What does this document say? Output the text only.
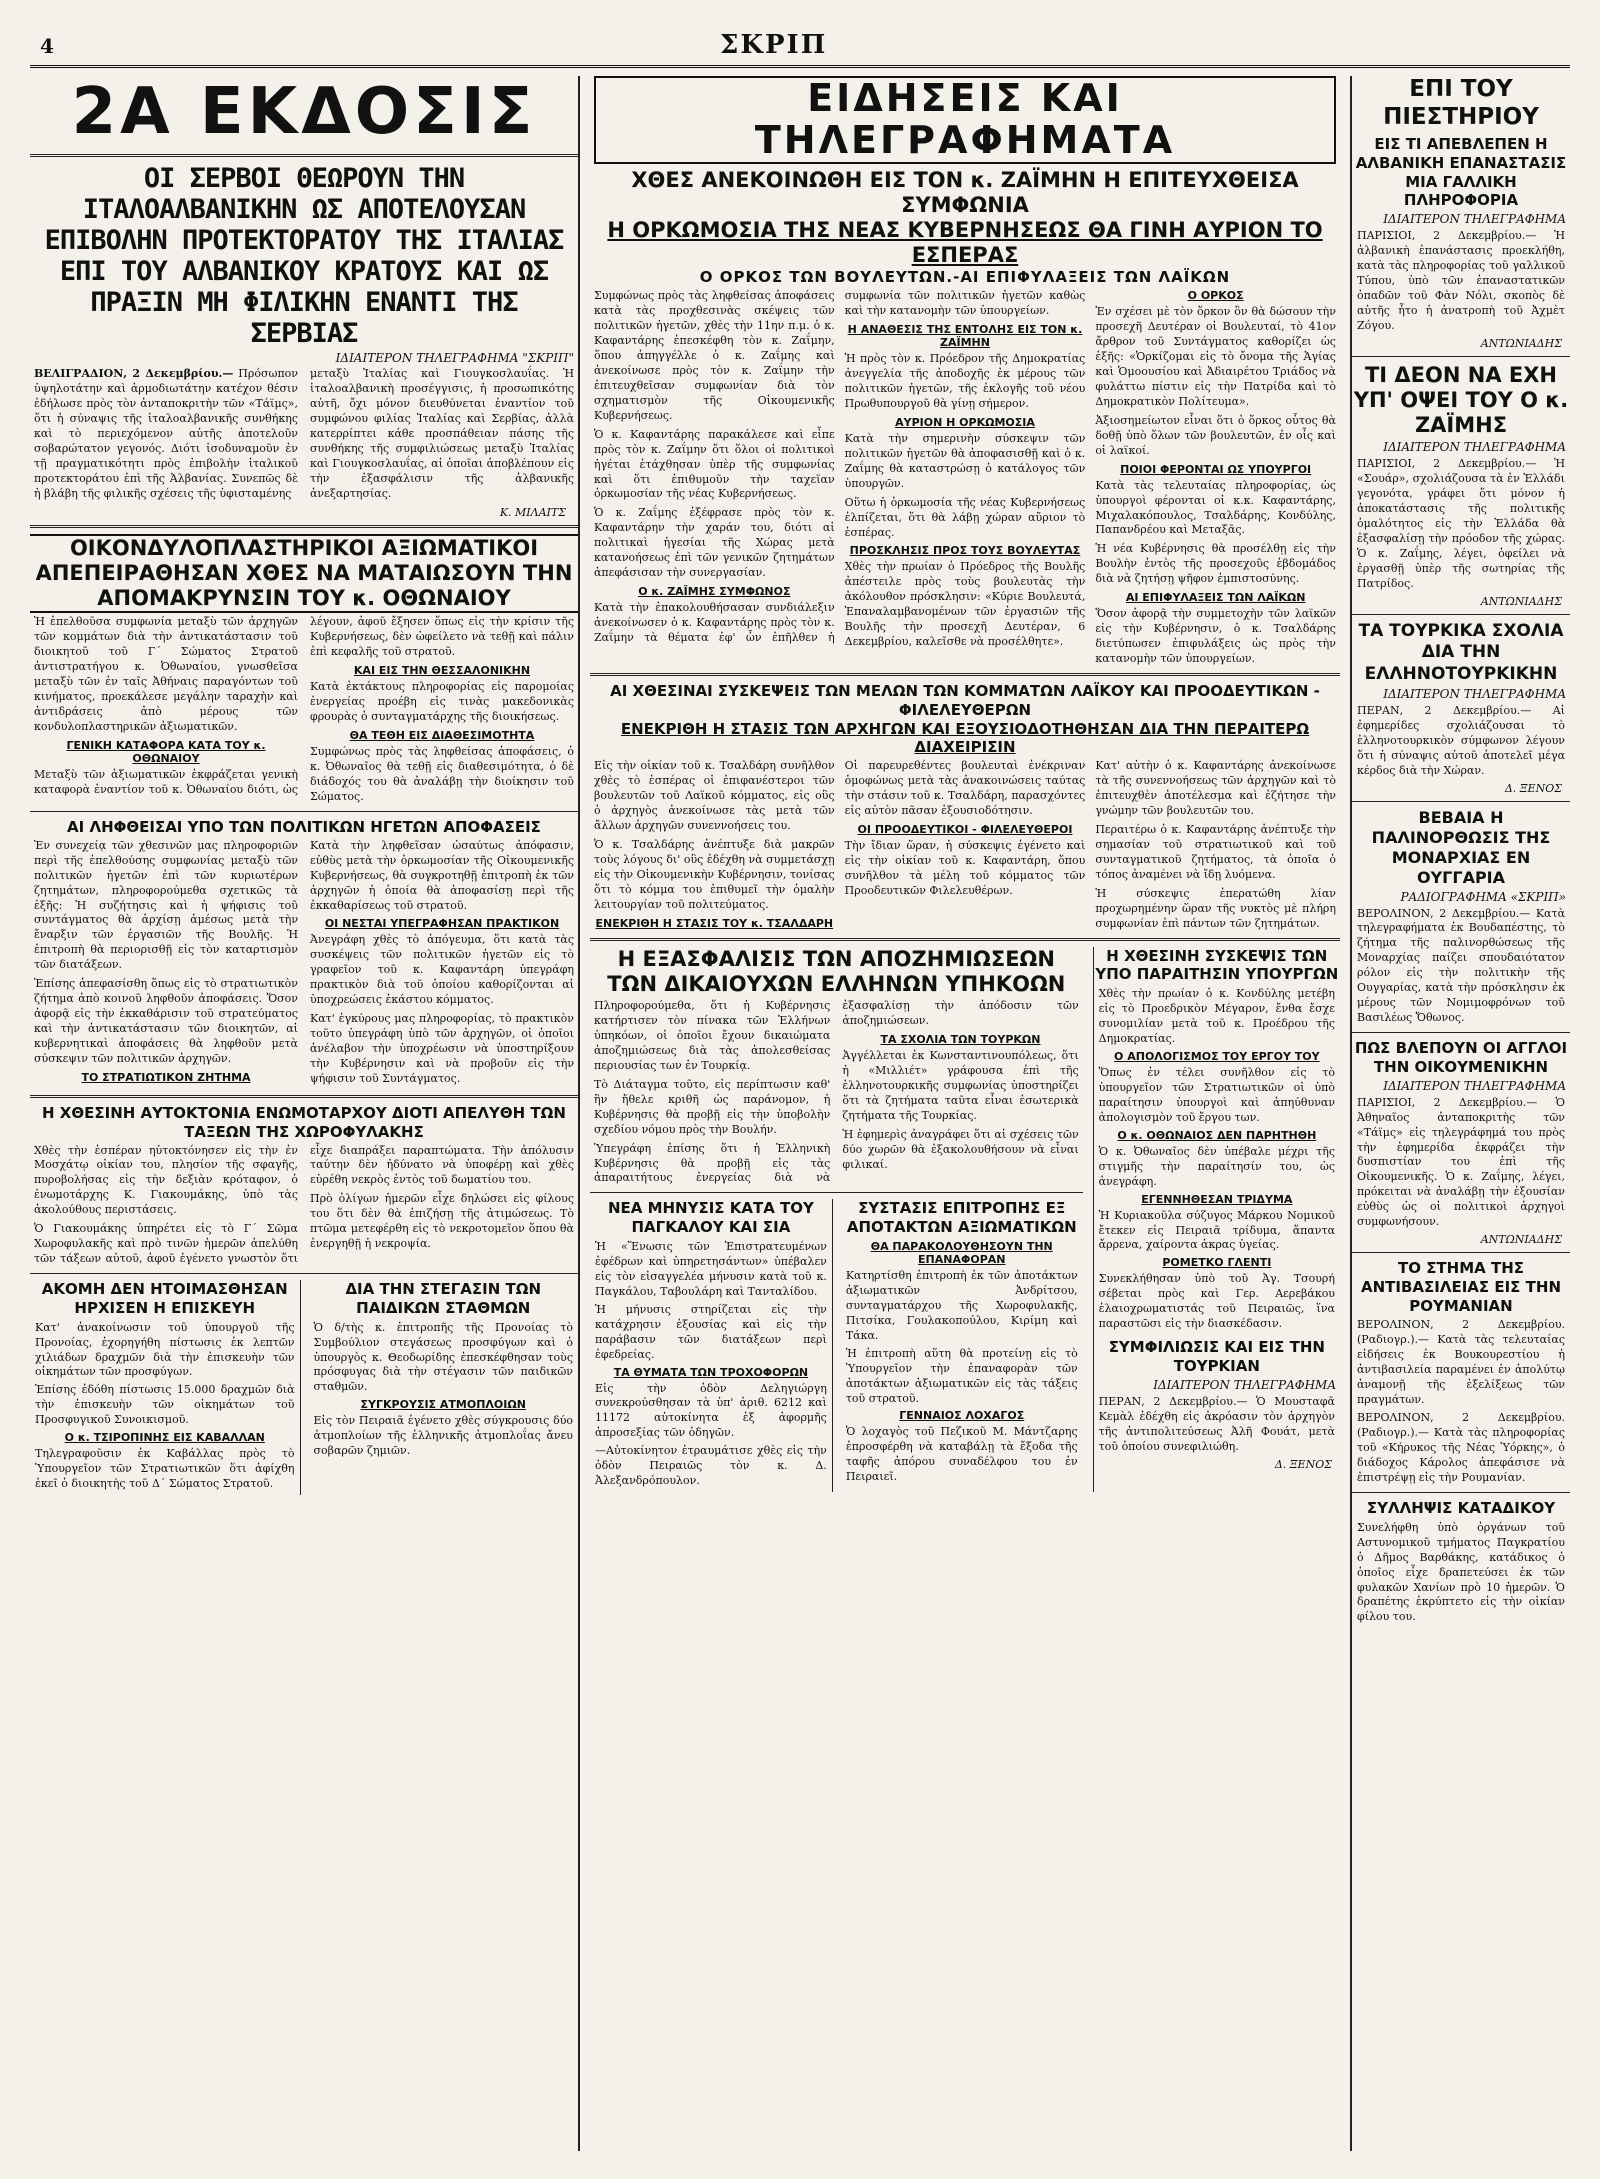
4	ΣΚΡΙΠ
2Α ΕΚΔΟΣΙΣ
ΟΙ ΣΕΡΒΟΙ ΘΕΩΡΟΥΝ ΤΗΝ ΙΤΑΛΟΑΛΒΑΝΙΚΗΝ ΩΣ ΑΠΟΤΕΛΟΥΣΑΝ ΕΠΙΒΟΛΗΝ ΠΡΟΤΕΚΤΟΡΑΤΟΥ ΤΗΣ ΙΤΑΛΙΑΣ ΕΠΙ ΤΟΥ ΑΛΒΑΝΙΚΟΥ ΚΡΑΤΟΥΣ ΚΑΙ ΩΣ ΠΡΑΞΙΝ ΜΗ ΦΙΛΙΚΗΝ ΕΝΑΝΤΙ ΤΗΣ ΣΕΡΒΙΑΣ
ΙΔΙΑΙΤΕΡΟΝ ΤΗΛΕΓΡΑΦΗΜΑ "ΣΚΡΙΠ"

ΒΕΛΙΓΡΑΔΙΟΝ, 2 Δεκεμβρίου.— Πρόσωπον ὑψηλοτάτην καὶ ἁρμοδιωτάτην κατέχον θέσιν ἐδήλωσε πρὸς τὸν ἀνταποκριτὴν τῶν «Τάϊμς», ὅτι ἡ σύναψις τῆς ἰταλοαλβανικῆς συνθήκης καὶ τὸ περιεχόμενον αὐτῆς ἀποτελοῦν σοβαρώτατον γεγονός. Διότι ἰσοδυναμοῦν ἐν τῇ πραγματικότητι πρὸς ἐπιβολὴν ἰταλικοῦ προτεκτοράτου ἐπὶ τῆς Ἀλβανίας. Συνεπῶς δὲ ἡ βλάβη τῆς φιλικῆς σχέσεις τῆς ὑφισταμένης

μεταξὺ Ἰταλίας καὶ Γιουγκοσλαυΐας. Ἡ ἰταλοαλβανικὴ προσέγγισις, ἡ προσωπικότης αὐτῆ, ὄχι μόνον διευθύνεται ἐναντίον τοῦ συμφώνου φιλίας Ἰταλίας καὶ Σερβίας, ἀλλὰ κατερρίπτει κάθε προσπάθειαν πάσης τῆς συνθήκης τῆς συμφιλιώσεως μεταξὺ Ἰταλίας καὶ Γιουγκοσλαυΐας, αἱ ὁποῖαι ἀποβλέπουν εἰς τὴν ἐξασφάλισιν τῆς ἀλβανικῆς ἀνεξαρτησίας.

Κ. ΜΙΛΑΙΤΣ
ΟΙΚΟΝΔΥΛΟΠΛΑΣΤΗΡΙΚΟΙ ΑΞΙΩΜΑΤΙΚΟΙ ΑΠΕΠΕΙΡΑΘΗΣΑΝ ΧΘΕΣ ΝΑ ΜΑΤΑΙΩΣΟΥΝ ΤΗΝ ΑΠΟΜΑΚΡΥΝΣΙΝ ΤΟΥ κ. ΟΘΩΝΑΙΟΥ

Ἡ ἐπελθοῦσα συμφωνία μεταξὺ τῶν ἀρχηγῶν τῶν κομμάτων διὰ τὴν ἀντικατάστασιν τοῦ διοικητοῦ τοῦ Γ΄ Σώματος Στρατοῦ ἀντιστρατήγου κ. Ὀθωναίου, γνωσθεῖσα μεταξὺ τῶν ἐν ταῖς Ἀθήναις παραγόντων τοῦ κινήματος, προεκάλεσε μεγάλην ταραχὴν καὶ ἀντιδράσεις ἀπὸ μέρους τῶν κονδυλοπλαστηρικῶν ἀξιωματικῶν.

ΓΕΝΙΚΗ ΚΑΤΑΦΟΡΑ ΚΑΤΑ ΤΟΥ κ. ΟΘΩΝΑΙΟΥ

Μεταξὺ τῶν ἀξιωματικῶν ἐκφράζεται γενικὴ καταφορὰ ἐναντίον τοῦ κ. Ὀθωναίου διότι, ὡς λέγουν, ἀφοῦ ἔξησεν ὅπως εἰς τὴν κρίσιν τῆς Κυβερνήσεως, δὲν ὠφείλετο νὰ τεθῇ καὶ πάλιν ἐπὶ κεφαλῆς τοῦ στρατοῦ.

ΚΑΙ ΕΙΣ ΤΗΝ ΘΕΣΣΑΛΟΝΙΚΗΝ

Κατὰ ἐκτάκτους πληροφορίας εἰς παρομοίας ἐνεργείας προέβη εἰς τινὰς μακεδονικὰς φρουρὰς ὁ συνταγματάρχης τῆς διοικήσεως.

ΘΑ ΤΕΘΗ ΕΙΣ ΔΙΑΘΕΣΙΜΟΤΗΤΑ

Συμφώνως πρὸς τὰς ληφθείσας ἀποφάσεις, ὁ κ. Ὀθωναῖος θὰ τεθῇ εἰς διαθεσιμότητα, ὁ δὲ διάδοχός του θὰ ἀναλάβῃ τὴν διοίκησιν τοῦ Σώματος.

ΑΙ ΛΗΦΘΕΙΣΑΙ ΥΠΟ ΤΩΝ ΠΟΛΙΤΙΚΩΝ ΗΓΕΤΩΝ ΑΠΟΦΑΣΕΙΣ

Ἐν συνεχείᾳ τῶν χθεσινῶν μας πληροφοριῶν περὶ τῆς ἐπελθούσης συμφωνίας μεταξὺ τῶν πολιτικῶν ἡγετῶν ἐπὶ τῶν κυριωτέρων ζητημάτων, πληροφορούμεθα σχετικῶς τὰ ἑξῆς: Ἡ συζήτησις καὶ ἡ ψήφισις τοῦ συντάγματος θὰ ἀρχίσῃ ἀμέσως μετὰ τὴν ἔναρξιν τῶν ἐργασιῶν τῆς Βουλῆς. Ἡ ἐπιτροπὴ θὰ περιορισθῇ εἰς τὸν καταρτισμὸν τῶν διατάξεων.

Ἐπίσης ἀπεφασίσθη ὅπως εἰς τὸ στρατιωτικὸν ζήτημα ἀπὸ κοινοῦ ληφθοῦν ἀποφάσεις. Ὅσον ἀφορᾷ εἰς τὴν ἐκκαθάρισιν τοῦ στρατεύματος καὶ τὴν ἀντικατάστασιν τῶν διοικητῶν, αἱ κυβερνητικαὶ ἀποφάσεις θὰ ληφθοῦν μετὰ σύσκεψιν τῶν πολιτικῶν ἀρχηγῶν.

ΤΟ ΣΤΡΑΤΙΩΤΙΚΟΝ ΖΗΤΗΜΑ

Κατὰ τὴν ληφθεῖσαν ὡσαύτως ἀπόφασιν, εὐθὺς μετὰ τὴν ὁρκωμοσίαν τῆς Οἰκουμενικῆς Κυβερνήσεως, θὰ συγκροτηθῇ ἐπιτροπὴ ἐκ τῶν ἀρχηγῶν ἡ ὁποία θὰ ἀποφασίσῃ περὶ τῆς ἐκκαθαρίσεως τοῦ στρατοῦ.

ΟΙ ΝΕΣΤΑΙ ΥΠΕΓΡΑΦΗΣΑΝ ΠΡΑΚΤΙΚΟΝ

Ἀνεγράφη χθὲς τὸ ἀπόγευμα, ὅτι κατὰ τὰς συσκέψεις τῶν πολιτικῶν ἡγετῶν εἰς τὸ γραφεῖον τοῦ κ. Καφαντάρη ὑπεγράφη πρακτικὸν διὰ τοῦ ὁποίου καθορίζονται αἱ ὑποχρεώσεις ἑκάστου κόμματος.

Κατ' ἐγκύρους μας πληροφορίας, τὸ πρακτικὸν τοῦτο ὑπεγράφη ὑπὸ τῶν ἀρχηγῶν, οἱ ὁποῖοι ἀνέλαβον τὴν ὑποχρέωσιν νὰ ὑποστηρίξουν τὴν Κυβέρνησιν καὶ νὰ προβοῦν εἰς τὴν ψήφισιν τοῦ Συντάγματος.

Η ΧΘΕΣΙΝΗ ΑΥΤΟΚΤΟΝΙΑ ΕΝΩΜΟΤΑΡΧΟΥ ΔΙΟΤΙ ΑΠΕΛΥΘΗ ΤΩΝ ΤΑΞΕΩΝ ΤΗΣ ΧΩΡΟΦΥΛΑΚΗΣ

Χθὲς τὴν ἑσπέραν ηὐτοκτόνησεν εἰς τὴν ἐν Μοσχάτῳ οἰκίαν του, πλησίον τῆς σφαγῆς, πυροβολήσας εἰς τὴν δεξιὰν κρόταφον, ὁ ἐνωμοτάρχης Κ. Γιακουμάκης, ὑπὸ τὰς ἀκολούθους περιστάσεις.

Ὁ Γιακουμάκης ὑπηρέτει εἰς τὸ Γ΄ Σῶμα Χωροφυλακῆς καὶ πρὸ τινῶν ἡμερῶν ἀπελύθη τῶν τάξεων αὐτοῦ, ἀφοῦ ἐγένετο γνωστὸν ὅτι εἶχε διαπράξει παραπτώματα. Τὴν ἀπόλυσιν ταύτην δὲν ἠδύνατο νὰ ὑποφέρῃ καὶ χθὲς εὑρέθη νεκρὸς ἐντὸς τοῦ δωματίου του.

Πρὸ ὀλίγων ἡμερῶν εἶχε δηλώσει εἰς φίλους του ὅτι δὲν θὰ ἐπιζήσῃ τῆς ἀτιμώσεως. Τὸ πτῶμα μετεφέρθη εἰς τὸ νεκροτομεῖον ὅπου θὰ ἐνεργηθῇ ἡ νεκροψία.

ΑΚΟΜΗ ΔΕΝ ΗΤΟΙΜΑΣΘΗΣΑΝ ΗΡΧΙΣΕΝ Η ΕΠΙΣΚΕΥΗ

Κατ' ἀνακοίνωσιν τοῦ ὑπουργοῦ τῆς Προνοίας, ἐχορηγήθη πίστωσις ἐκ λεπτῶν χιλιάδων δραχμῶν διὰ τὴν ἐπισκευὴν τῶν οἰκημάτων τῶν προσφύγων.

Ἐπίσης ἐδόθη πίστωσις 15.000 δραχμῶν διὰ τὴν ἐπισκευὴν τῶν οἰκημάτων τοῦ Προσφυγικοῦ Συνοικισμοῦ.

Ο κ. ΤΣΙΡΟΠΙΝΗΣ ΕΙΣ ΚΑΒΑΛΛΑΝ

Τηλεγραφοῦσιν ἐκ Καβάλλας πρὸς τὸ Ὑπουργεῖον τῶν Στρατιωτικῶν ὅτι ἀφίχθη ἐκεῖ ὁ διοικητὴς τοῦ Δ΄ Σώματος Στρατοῦ.

ΔΙΑ ΤΗΝ ΣΤΕΓΑΣΙΝ ΤΩΝ ΠΑΙΔΙΚΩΝ ΣΤΑΘΜΩΝ

Ὁ δ/τὴς κ. ἐπιτροπῆς τῆς Προνοίας τὸ Συμβούλιον στεγάσεως προσφύγων καὶ ὁ ὑπουργὸς κ. Θεοδωρίδης ἐπεσκέφθησαν τοὺς πρόσφυγας διὰ τὴν στέγασιν τῶν παιδικῶν σταθμῶν.

ΣΥΓΚΡΟΥΣΙΣ ΑΤΜΟΠΛΟΙΩΝ

Εἰς τὸν Πειραιᾶ ἐγένετο χθὲς σύγκρουσις δύο ἀτμοπλοίων τῆς ἑλληνικῆς ἀτμοπλοΐας ἄνευ σοβαρῶν ζημιῶν.

ΕΙΔΗΣΕΙΣ ΚΑΙ ΤΗΛΕΓΡΑΦΗΜΑΤΑ
ΧΘΕΣ ΑΝΕΚΟΙΝΩΘΗ ΕΙΣ ΤΟΝ κ. ΖΑΪΜΗΝ Η ΕΠΙΤΕΥΧΘΕΙΣΑ ΣΥΜΦΩΝΙΑ
Η ΟΡΚΩΜΟΣΙΑ ΤΗΣ ΝΕΑΣ ΚΥΒΕΡΝΗΣΕΩΣ ΘΑ ΓΙΝΗ ΑΥΡΙΟΝ ΤΟ ΕΣΠΕΡΑΣ
Ο ΟΡΚΟΣ ΤΩΝ ΒΟΥΛΕΥΤΩΝ.-ΑΙ ΕΠΙΦΥΛΑΞΕΙΣ ΤΩΝ ΛΑΪΚΩΝ

Συμφώνως πρὸς τὰς ληφθείσας ἀποφάσεις κατὰ τὰς προχθεσινὰς σκέψεις τῶν πολιτικῶν ἡγετῶν, χθὲς τὴν 11ην π.μ. ὁ κ. Καφαντάρης ἐπεσκέφθη τὸν κ. Ζαΐμην, ὅπου ἀπηγγέλλε ὁ κ. Ζαΐμης καὶ ἀνεκοίνωσε πρὸς τὸν κ. Ζαΐμην τὴν ἐπιτευχθεῖσαν συμφωνίαν διὰ τὸν σχηματισμὸν τῆς Οἰκουμενικῆς Κυβερνήσεως.

Ὁ κ. Καφαντάρης παρακάλεσε καὶ εἶπε πρὸς τὸν κ. Ζαΐμην ὅτι ὅλοι οἱ πολιτικοὶ ἡγέται ἐτάχθησαν ὑπὲρ τῆς συμφωνίας καὶ ὅτι ἐπιθυμοῦν τὴν ταχεῖαν ὁρκωμοσίαν τῆς νέας Κυβερνήσεως.

Ὁ κ. Ζαΐμης ἐξέφρασε πρὸς τὸν κ. Καφαντάρην τὴν χαράν του, διότι αἱ πολιτικαὶ ἡγεσίαι τῆς Χώρας μετὰ κατανοήσεως ἐπὶ τῶν γενικῶν ζητημάτων ἀπεφάσισαν τὴν συνεργασίαν.

Ο κ. ΖΑΪΜΗΣ ΣΥΜΦΩΝΟΣ

Κατὰ τὴν ἐπακολουθήσασαν συνδιάλεξιν ἀνεκοίνωσεν ὁ κ. Καφαντάρης πρὸς τὸν κ. Ζαΐμην τὰ θέματα ἐφ' ὧν ἐπῆλθεν ἡ συμφωνία τῶν πολιτικῶν ἡγετῶν καθὼς καὶ τὴν κατανομὴν τῶν ὑπουργείων.

Η ΑΝΑΘΕΣΙΣ ΤΗΣ ΕΝΤΟΛΗΣ ΕΙΣ ΤΟΝ κ. ΖΑΪΜΗΝ

Ἡ πρὸς τὸν κ. Πρόεδρον τῆς Δημοκρατίας ἀνεγγελία τῆς ἀποδοχῆς ἐκ μέρους τῶν πολιτικῶν ἡγετῶν, τῆς ἐκλογῆς τοῦ νέου Πρωθυπουργοῦ θὰ γίνῃ σήμερον.

ΑΥΡΙΟΝ Η ΟΡΚΩΜΟΣΙΑ

Κατὰ τὴν σημερινὴν σύσκεψιν τῶν πολιτικῶν ἡγετῶν θὰ ἀποφασισθῇ καὶ ὁ κ. Ζαΐμης θὰ καταστρώσῃ ὁ κατάλογος τῶν ὑπουργῶν.

Οὕτω ἡ ὁρκωμοσία τῆς νέας Κυβερνήσεως ἐλπίζεται, ὅτι θὰ λάβῃ χώραν αὔριον τὸ ἑσπέρας.

ΠΡΟΣΚΛΗΣΙΣ ΠΡΟΣ ΤΟΥΣ ΒΟΥΛΕΥΤΑΣ

Χθὲς τὴν πρωίαν ὁ Πρόεδρος τῆς Βουλῆς ἀπέστειλε πρὸς τοὺς βουλευτὰς τὴν ἀκόλουθον πρόσκλησιν: «Κύριε Βουλευτά, Ἐπαναλαμβανομένων τῶν ἐργασιῶν τῆς Βουλῆς τὴν προσεχῆ Δευτέραν, 6 Δεκεμβρίου, καλεῖσθε νὰ προσέλθητε».

Ο ΟΡΚΟΣ

Ἐν σχέσει μὲ τὸν ὅρκον ὃν θὰ δώσουν τὴν προσεχῆ Δευτέραν οἱ Βουλευταί, τὸ 41ον ἄρθρον τοῦ Συντάγματος καθορίζει ὡς ἑξῆς: «Ὁρκίζομαι εἰς τὸ ὄνομα τῆς Ἁγίας καὶ Ὁμοουσίου καὶ Ἀδιαιρέτου Τριάδος νὰ φυλάττω πίστιν εἰς τὴν Πατρίδα καὶ τὸ Δημοκρατικὸν Πολίτευμα».

Ἀξιοσημείωτον εἶναι ὅτι ὁ ὅρκος οὗτος θὰ δοθῇ ὑπὸ ὅλων τῶν βουλευτῶν, ἐν οἷς καὶ οἱ λαϊκοί.

ΠΟΙΟΙ ΦΕΡΟΝΤΑΙ ΩΣ ΥΠΟΥΡΓΟΙ

Κατὰ τὰς τελευταίας πληροφορίας, ὡς ὑπουργοὶ φέρονται οἱ κ.κ. Καφαντάρης, Μιχαλακόπουλος, Τσαλδάρης, Κονδύλης, Παπανδρέου καὶ Μεταξᾶς.

Ἡ νέα Κυβέρνησις θὰ προσέλθῃ εἰς τὴν Βουλὴν ἐντὸς τῆς προσεχοῦς ἑβδομάδος διὰ νὰ ζητήσῃ ψῆφον ἐμπιστοσύνης.

ΑΙ ΕΠΙΦΥΛΑΞΕΙΣ ΤΩΝ ΛΑΪΚΩΝ

Ὅσον ἀφορᾷ τὴν συμμετοχὴν τῶν λαϊκῶν εἰς τὴν Κυβέρνησιν, ὁ κ. Τσαλδάρης διετύπωσεν ἐπιφυλάξεις ὡς πρὸς τὴν κατανομὴν τῶν ὑπουργείων.

ΑΙ ΧΘΕΣΙΝΑΙ ΣΥΣΚΕΨΕΙΣ ΤΩΝ ΜΕΛΩΝ ΤΩΝ ΚΟΜΜΑΤΩΝ ΛΑΪΚΟΥ ΚΑΙ ΠΡΟΟΔΕΥΤΙΚΩΝ - ΦΙΛΕΛΕΥΘΕΡΩΝ
ΕΝΕΚΡΙΘΗ Η ΣΤΑΣΙΣ ΤΩΝ ΑΡΧΗΓΩΝ ΚΑΙ ΕΞΟΥΣΙΟΔΟΤΗΘΗΣΑΝ ΔΙΑ ΤΗΝ ΠΕΡΑΙΤΕΡΩ ΔΙΑΧΕΙΡΙΣΙΝ

Εἰς τὴν οἰκίαν τοῦ κ. Τσαλδάρη συνῆλθον χθὲς τὸ ἑσπέρας οἱ ἐπιφανέστεροι τῶν βουλευτῶν τοῦ Λαϊκοῦ κόμματος, εἰς οὓς ὁ ἀρχηγὸς ἀνεκοίνωσε τὰς μετὰ τῶν ἄλλων ἀρχηγῶν συνεννοήσεις του.

Ὁ κ. Τσαλδάρης ἀνέπτυξε διὰ μακρῶν τοὺς λόγους δι' οὓς ἐδέχθη νὰ συμμετάσχῃ εἰς τὴν Οἰκουμενικὴν Κυβέρνησιν, τονίσας ὅτι τὸ κόμμα του ἐπιθυμεῖ τὴν ὁμαλὴν λειτουργίαν τοῦ πολιτεύματος.

ΕΝΕΚΡΙΘΗ Η ΣΤΑΣΙΣ ΤΟΥ κ. ΤΣΑΛΔΑΡΗ

Οἱ παρευρεθέντες βουλευταὶ ἐνέκριναν ὁμοφώνως μετὰ τὰς ἀνακοινώσεις ταύτας τὴν στάσιν τοῦ κ. Τσαλδάρη, παρασχόντες εἰς αὐτὸν πᾶσαν ἐξουσιοδότησιν.

ΟΙ ΠΡΟΟΔΕΥΤΙΚΟΙ - ΦΙΛΕΛΕΥΘΕΡΟΙ

Τὴν ἴδιαν ὥραν, ἡ σύσκεψις ἐγένετο καὶ εἰς τὴν οἰκίαν τοῦ κ. Καφαντάρη, ὅπου συνῆλθον τὰ μέλη τοῦ κόμματος τῶν Προοδευτικῶν Φιλελευθέρων.

Κατ' αὐτὴν ὁ κ. Καφαντάρης ἀνεκοίνωσε τὰ τῆς συνεννοήσεως τῶν ἀρχηγῶν καὶ τὸ ἐπιτευχθὲν ἀποτέλεσμα καὶ ἐζήτησε τὴν γνώμην τῶν βουλευτῶν του.

Περαιτέρω ὁ κ. Καφαντάρης ἀνέπτυξε τὴν σημασίαν τοῦ στρατιωτικοῦ καὶ τοῦ συνταγματικοῦ ζητήματος, τὰ ὁποῖα ὁ τόπος ἀναμένει νὰ ἴδῃ λυόμενα.

Ἡ σύσκεψις ἐπερατώθη λίαν προχωρημένην ὥραν τῆς νυκτὸς μὲ πλήρη συμφωνίαν ἐπὶ πάντων τῶν ζητημάτων.

Η ΕΞΑΣΦΑΛΙΣΙΣ ΤΩΝ ΑΠΟΖΗΜΙΩΣΕΩΝ ΤΩΝ ΔΙΚΑΙΟΥΧΩΝ ΕΛΛΗΝΩΝ ΥΠΗΚΟΩΝ

Πληροφορούμεθα, ὅτι ἡ Κυβέρνησις κατήρτισεν τὸν πίνακα τῶν Ἑλλήνων ὑπηκόων, οἱ ὁποῖοι ἔχουν δικαιώματα ἀποζημιώσεως διὰ τὰς ἀπολεσθείσας περιουσίας των ἐν Τουρκίᾳ.

Τὸ Διάταγμα τοῦτο, εἰς περίπτωσιν καθ' ἣν ἤθελε κριθῆ ὡς παράνομον, ἡ Κυβέρνησις θὰ προβῇ εἰς τὴν ὑποβολὴν σχεδίου νόμου πρὸς τὴν Βουλήν.

Ὑπεγράφη ἐπίσης ὅτι ἡ Ἑλληνικὴ Κυβέρνησις θὰ προβῇ εἰς τὰς ἀπαραιτήτους ἐνεργείας διὰ νὰ ἐξασφαλίσῃ τὴν ἀπόδοσιν τῶν ἀποζημιώσεων.

ΤΑ ΣΧΟΛΙΑ ΤΩΝ ΤΟΥΡΚΩΝ

Ἀγγέλλεται ἐκ Κωνσταντινουπόλεως, ὅτι ἡ «Μιλλιέτ» γράφουσα ἐπὶ τῆς ἑλληνοτουρκικῆς συμφωνίας ὑποστηρίζει ὅτι τὰ ζητήματα ταῦτα εἶναι ἐσωτερικὰ ζητήματα τῆς Τουρκίας.

Ἡ ἐφημερὶς ἀναγράφει ὅτι αἱ σχέσεις τῶν δύο χωρῶν θὰ ἐξακολουθήσουν νὰ εἶναι φιλικαί.

ΝΕΑ ΜΗΝΥΣΙΣ ΚΑΤΑ ΤΟΥ ΠΑΓΚΑΛΟΥ ΚΑΙ ΣΙΑ

Ἡ «Ἕνωσις τῶν Ἐπιστρατευμένων ἐφέδρων καὶ ὑπηρετησάντων» ὑπέβαλεν εἰς τὸν εἰσαγγελέα μήνυσιν κατὰ τοῦ κ. Παγκάλου, Ταβουλάρη καὶ Τανταλίδου.

Ἡ μήνυσις στηρίζεται εἰς τὴν κατάχρησιν ἐξουσίας καὶ εἰς τὴν παράβασιν τῶν διατάξεων περὶ ἐφεδρείας.

ΤΑ ΘΥΜΑΤΑ ΤΩΝ ΤΡΟΧΟΦΟΡΩΝ

Εἰς τὴν ὁδὸν Δεληγιώργη συνεκρούσθησαν τὰ ὑπ' ἀριθ. 6212 καὶ 11172 αὐτοκίνητα ἐξ ἀφορμῆς ἀπροσεξίας τῶν ὁδηγῶν.

—Αὐτοκίνητον ἐτραυμάτισε χθὲς εἰς τὴν ὁδὸν Πειραιῶς τὸν κ. Δ. Ἀλεξανδρόπουλον.

ΣΥΣΤΑΣΙΣ ΕΠΙΤΡΟΠΗΣ ΕΞ ΑΠΟΤΑΚΤΩΝ ΑΞΙΩΜΑΤΙΚΩΝ
ΘΑ ΠΑΡΑΚΟΛΟΥΘΗΣΟΥΝ ΤΗΝ ΕΠΑΝΑΦΟΡΑΝ

Κατηρτίσθη ἐπιτροπὴ ἐκ τῶν ἀποτάκτων ἀξιωματικῶν Ἀνδρίτσου, συνταγματάρχου τῆς Χωροφυλακῆς, Πιτσίκα, Γουλακοπούλου, Κιρίμη καὶ Τάκα.

Ἡ ἐπιτροπὴ αὕτη θὰ προτείνῃ εἰς τὸ Ὑπουργεῖον τὴν ἐπαναφορὰν τῶν ἀποτάκτων ἀξιωματικῶν εἰς τὰς τάξεις τοῦ στρατοῦ.

ΓΕΝΝΑΙΟΣ ΛΟΧΑΓΟΣ

Ὁ λοχαγὸς τοῦ Πεζικοῦ Μ. Μάντζαρης ἐπροσφέρθη νὰ καταβάλῃ τὰ ἔξοδα τῆς ταφῆς ἀπόρου συναδέλφου του ἐν Πειραιεῖ.

Η ΧΘΕΣΙΝΗ ΣΥΣΚΕΨΙΣ ΤΩΝ ΥΠΟ ΠΑΡΑΙΤΗΣΙΝ ΥΠΟΥΡΓΩΝ

Χθὲς τὴν πρωίαν ὁ κ. Κονδύλης μετέβη εἰς τὸ Προεδρικὸν Μέγαρον, ἔνθα ἔσχε συνομιλίαν μετὰ τοῦ κ. Προέδρου τῆς Δημοκρατίας.

Ο ΑΠΟΛΟΓΙΣΜΟΣ ΤΟΥ ΕΡΓΟΥ ΤΟΥ

Ὅπως ἐν τέλει συνῆλθον εἰς τὸ ὑπουργεῖον τῶν Στρατιωτικῶν οἱ ὑπὸ παραίτησιν ὑπουργοὶ καὶ ἀπηύθυναν ἀπολογισμὸν τοῦ ἔργου των.

Ο κ. ΟΘΩΝΑΙΟΣ ΔΕΝ ΠΑΡΗΤΗΘΗ

Ὁ κ. Ὀθωναῖος δὲν ὑπέβαλε μέχρι τῆς στιγμῆς τὴν παραίτησίν του, ὡς ἀνεγράφη.

ΕΓΕΝΝΗΘΕΣΑΝ ΤΡΙΔΥΜΑ

Ἡ Κυριακοῦλα σύζυγος Μάρκου Νομικοῦ ἔτεκεν εἰς Πειραιᾶ τρίδυμα, ἅπαντα ἄρρενα, χαίροντα ἀκρας ὑγείας.

ΡΟΜΕΤΚΟ ΓΛΕΝΤΙ

Συνεκλήθησαν ὑπὸ τοῦ Ἀγ. Τσουρή σέβεται πρὸς καὶ Γερ. Αερεβάκου ἐλαιοχρωματιστάς τοῦ Πειραιῶς, ἵνα παραστῶσι εἰς τὴν διασκέδασιν.

ΣΥΜΦΙΛΙΩΣΙΣ ΚΑΙ ΕΙΣ ΤΗΝ ΤΟΥΡΚΙΑΝ
ΙΔΙΑΙΤΕΡΟΝ ΤΗΛΕΓΡΑΦΗΜΑ

ΠΕΡΑΝ, 2 Δεκεμβρίου.— Ὁ Μουσταφᾶ Κεμὰλ ἐδέχθη εἰς ἀκρόασιν τὸν ἀρχηγὸν τῆς ἀντιπολιτεύσεως Ἀλῆ Φουάτ, μετὰ τοῦ ὁποίου συνεφιλιώθη.

Δ. ΞΕΝΟΣ
ΕΠΙ ΤΟΥ ΠΙΕΣΤΗΡΙΟΥ
ΕΙΣ ΤΙ ΑΠΕΒΛΕΠΕΝ Η ΑΛΒΑΝΙΚΗ ΕΠΑΝΑΣΤΑΣΙΣ ΜΙΑ ΓΑΛΛΙΚΗ ΠΛΗΡΟΦΟΡΙΑ
ΙΔΙΑΙΤΕΡΟΝ ΤΗΛΕΓΡΑΦΗΜΑ

ΠΑΡΙΣΙΟΙ, 2 Δεκεμβρίου.— Ἡ ἀλβανικὴ ἐπανάστασις προεκλήθη, κατὰ τὰς πληροφορίας τοῦ γαλλικοῦ Τύπου, ὑπὸ τῶν ἐπαναστατικῶν ὁπαδῶν τοῦ Φὰν Νόλι, σκοπὸς δὲ αὐτῆς ἦτο ἡ ἀνατροπὴ τοῦ Ἀχμὲτ Ζόγου.

ΑΝΤΩΝΙΑΔΗΣ
ΤΙ ΔΕΟΝ ΝΑ ΕΧΗ ΥΠ' ΟΨΕΙ ΤΟΥ Ο κ. ΖΑΪΜΗΣ
ΙΔΙΑΙΤΕΡΟΝ ΤΗΛΕΓΡΑΦΗΜΑ

ΠΑΡΙΣΙΟΙ, 2 Δεκεμβρίου.— Ἡ «Σουάρ», σχολιάζουσα τὰ ἐν Ἑλλάδι γεγονότα, γράφει ὅτι μόνον ἡ ἀποκατάστασις τῆς πολιτικῆς ὁμαλότητος εἰς τὴν Ἑλλάδα θὰ ἐξασφαλίσῃ τὴν πρόοδον τῆς χώρας. Ὁ κ. Ζαΐμης, λέγει, ὀφείλει νὰ ἐργασθῇ ὑπὲρ τῆς σωτηρίας τῆς Πατρίδος.

ΑΝΤΩΝΙΑΔΗΣ
ΤΑ ΤΟΥΡΚΙΚΑ ΣΧΟΛΙΑ ΔΙΑ ΤΗΝ ΕΛΛΗΝΟΤΟΥΡΚΙΚΗΝ
ΙΔΙΑΙΤΕΡΟΝ ΤΗΛΕΓΡΑΦΗΜΑ

ΠΕΡΑΝ, 2 Δεκεμβρίου.— Αἱ ἐφημερίδες σχολιάζουσαι τὸ ἑλληνοτουρκικὸν σύμφωνον λέγουν ὅτι ἡ σύναψις αὐτοῦ ἀποτελεῖ μέγα κέρδος διὰ τὴν Χώραν.

Δ. ΞΕΝΟΣ
ΒΕΒΑΙΑ Η ΠΑΛΙΝΟΡΘΩΣΙΣ ΤΗΣ ΜΟΝΑΡΧΙΑΣ ΕΝ ΟΥΓΓΑΡΙΑ
ΡΑΔΙΟΓΡΑΦΗΜΑ «ΣΚΡΙΠ»

ΒΕΡΟΛΙΝΟΝ, 2 Δεκεμβρίου.— Κατὰ τηλεγραφήματα ἐκ Βουδαπέστης, τὸ ζήτημα τῆς παλινορθώσεως τῆς Μοναρχίας παίζει σπουδαιότατον ρόλον εἰς τὴν πολιτικὴν τῆς Ουγγαρίας, κατὰ τὴν πρόσκλησιν ἐκ μέρους τῶν Νομιμοφρόνων τοῦ Βασιλέως Ὄθωνος.

ΠΩΣ ΒΛΕΠΟΥΝ ΟΙ ΑΓΓΛΟΙ ΤΗΝ ΟΙΚΟΥΜΕΝΙΚΗΝ
ΙΔΙΑΙΤΕΡΟΝ ΤΗΛΕΓΡΑΦΗΜΑ

ΠΑΡΙΣΙΟΙ, 2 Δεκεμβρίου.— Ὁ Ἀθηναῖος ἀνταποκριτὴς τῶν «Τάϊμς» εἰς τηλεγράφημά του πρὸς τὴν ἐφημερίδα ἐκφράζει τὴν δυσπιστίαν του ἐπὶ τῆς Οἰκουμενικῆς. Ὁ κ. Ζαΐμης, λέγει, πρόκειται νὰ ἀναλάβῃ τὴν ἐξουσίαν εὐθὺς ὡς οἱ πολιτικοὶ ἀρχηγοὶ συμφωνήσουν.

ΑΝΤΩΝΙΑΔΗΣ
ΤΟ ΣΤΗΜΑ ΤΗΣ ΑΝΤΙΒΑΣΙΛΕΙΑΣ ΕΙΣ ΤΗΝ ΡΟΥΜΑΝΙΑΝ

ΒΕΡΟΛΙΝΟΝ, 2 Δεκεμβρίου. (Ραδιογρ.).— Κατὰ τὰς τελευταίας εἰδήσεις ἐκ Βουκουρεστίου ἡ ἀντιβασιλεία παραμένει ἐν ἀπολύτῳ ἀναμονῇ τῆς ἐξελίξεως τῶν πραγμάτων.

ΒΕΡΟΛΙΝΟΝ, 2 Δεκεμβρίου. (Ραδιογρ.).— Κατὰ τὰς πληροφορίας τοῦ «Κήρυκος τῆς Νέας Ὑόρκης», ὁ διάδοχος Κάρολος ἀπεφάσισε νὰ ἐπιστρέψῃ εἰς τὴν Ρουμανίαν.

ΣΥΛΛΗΨΙΣ ΚΑΤΑΔΙΚΟΥ

Συνελήφθη ὑπὸ ὀργάνων τοῦ Αστυνομικοῦ τμήματος Παγκρατίου ὁ Δῆμος Βαρθάκης, κατάδικος ὁ ὁποῖος εἶχε δραπετεύσει ἐκ τῶν φυλακῶν Χανίων πρὸ 10 ἡμερῶν. Ὁ δραπέτης ἐκρύπτετο εἰς τὴν οἰκίαν φίλου του.
